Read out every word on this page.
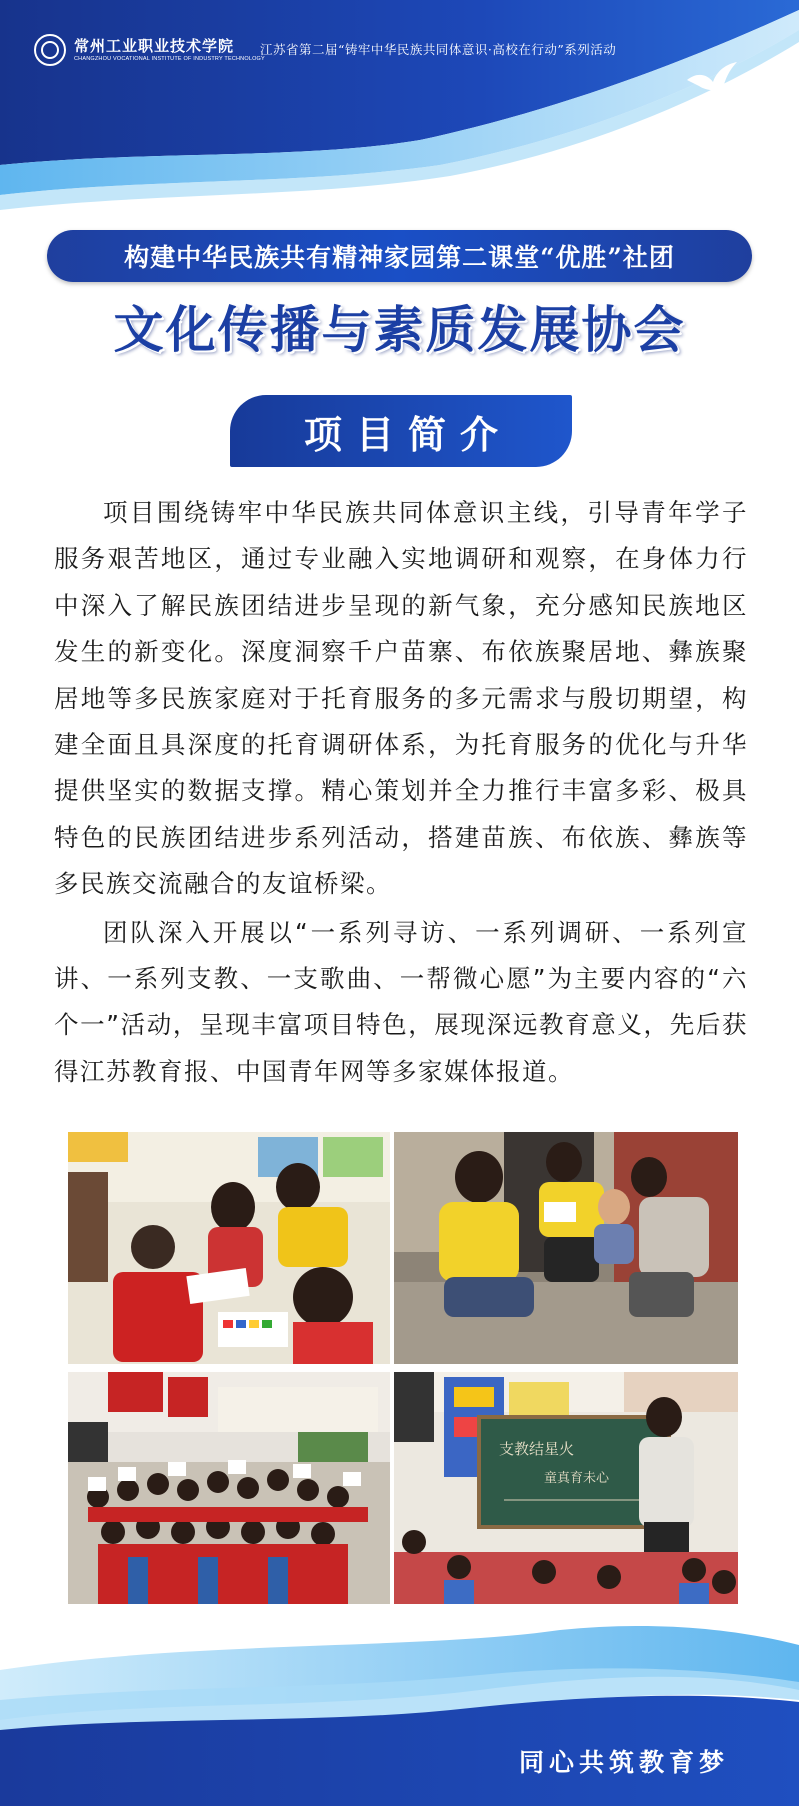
常州工业职业技术学院
CHANGZHOU VOCATIONAL INSTITUTE OF INDUSTRY TECHNOLOGY
江苏省第二届“铸牢中华民族共同体意识·高校在行动”系列活动
构建中华民族共有精神家园第二课堂“优胜”社团
文化传播与素质发展协会
项目简介

项目围绕铸牢中华民族共同体意识主线，引导青年学子服务艰苦地区，通过专业融入实地调研和观察，在身体力行中深入了解民族团结进步呈现的新气象，充分感知民族地区发生的新变化。深度洞察千户苗寨、布依族聚居地、彝族聚居地等多民族家庭对于托育服务的多元需求与殷切期望，构建全面且具深度的托育调研体系，为托育服务的优化与升华提供坚实的数据支撑。精心策划并全力推行丰富多彩、极具特色的民族团结进步系列活动，搭建苗族、布依族、彝族等多民族交流融合的友谊桥梁。

团队深入开展以“一系列寻访、一系列调研、一系列宣讲、一系列支教、一支歌曲、一帮微心愿”为主要内容的“六个一”活动，呈现丰富项目特色，展现深远教育意义，先后获得江苏教育报、中国青年网等多家媒体报道。

支教结星火
童真育未心
同心共筑教育梦
